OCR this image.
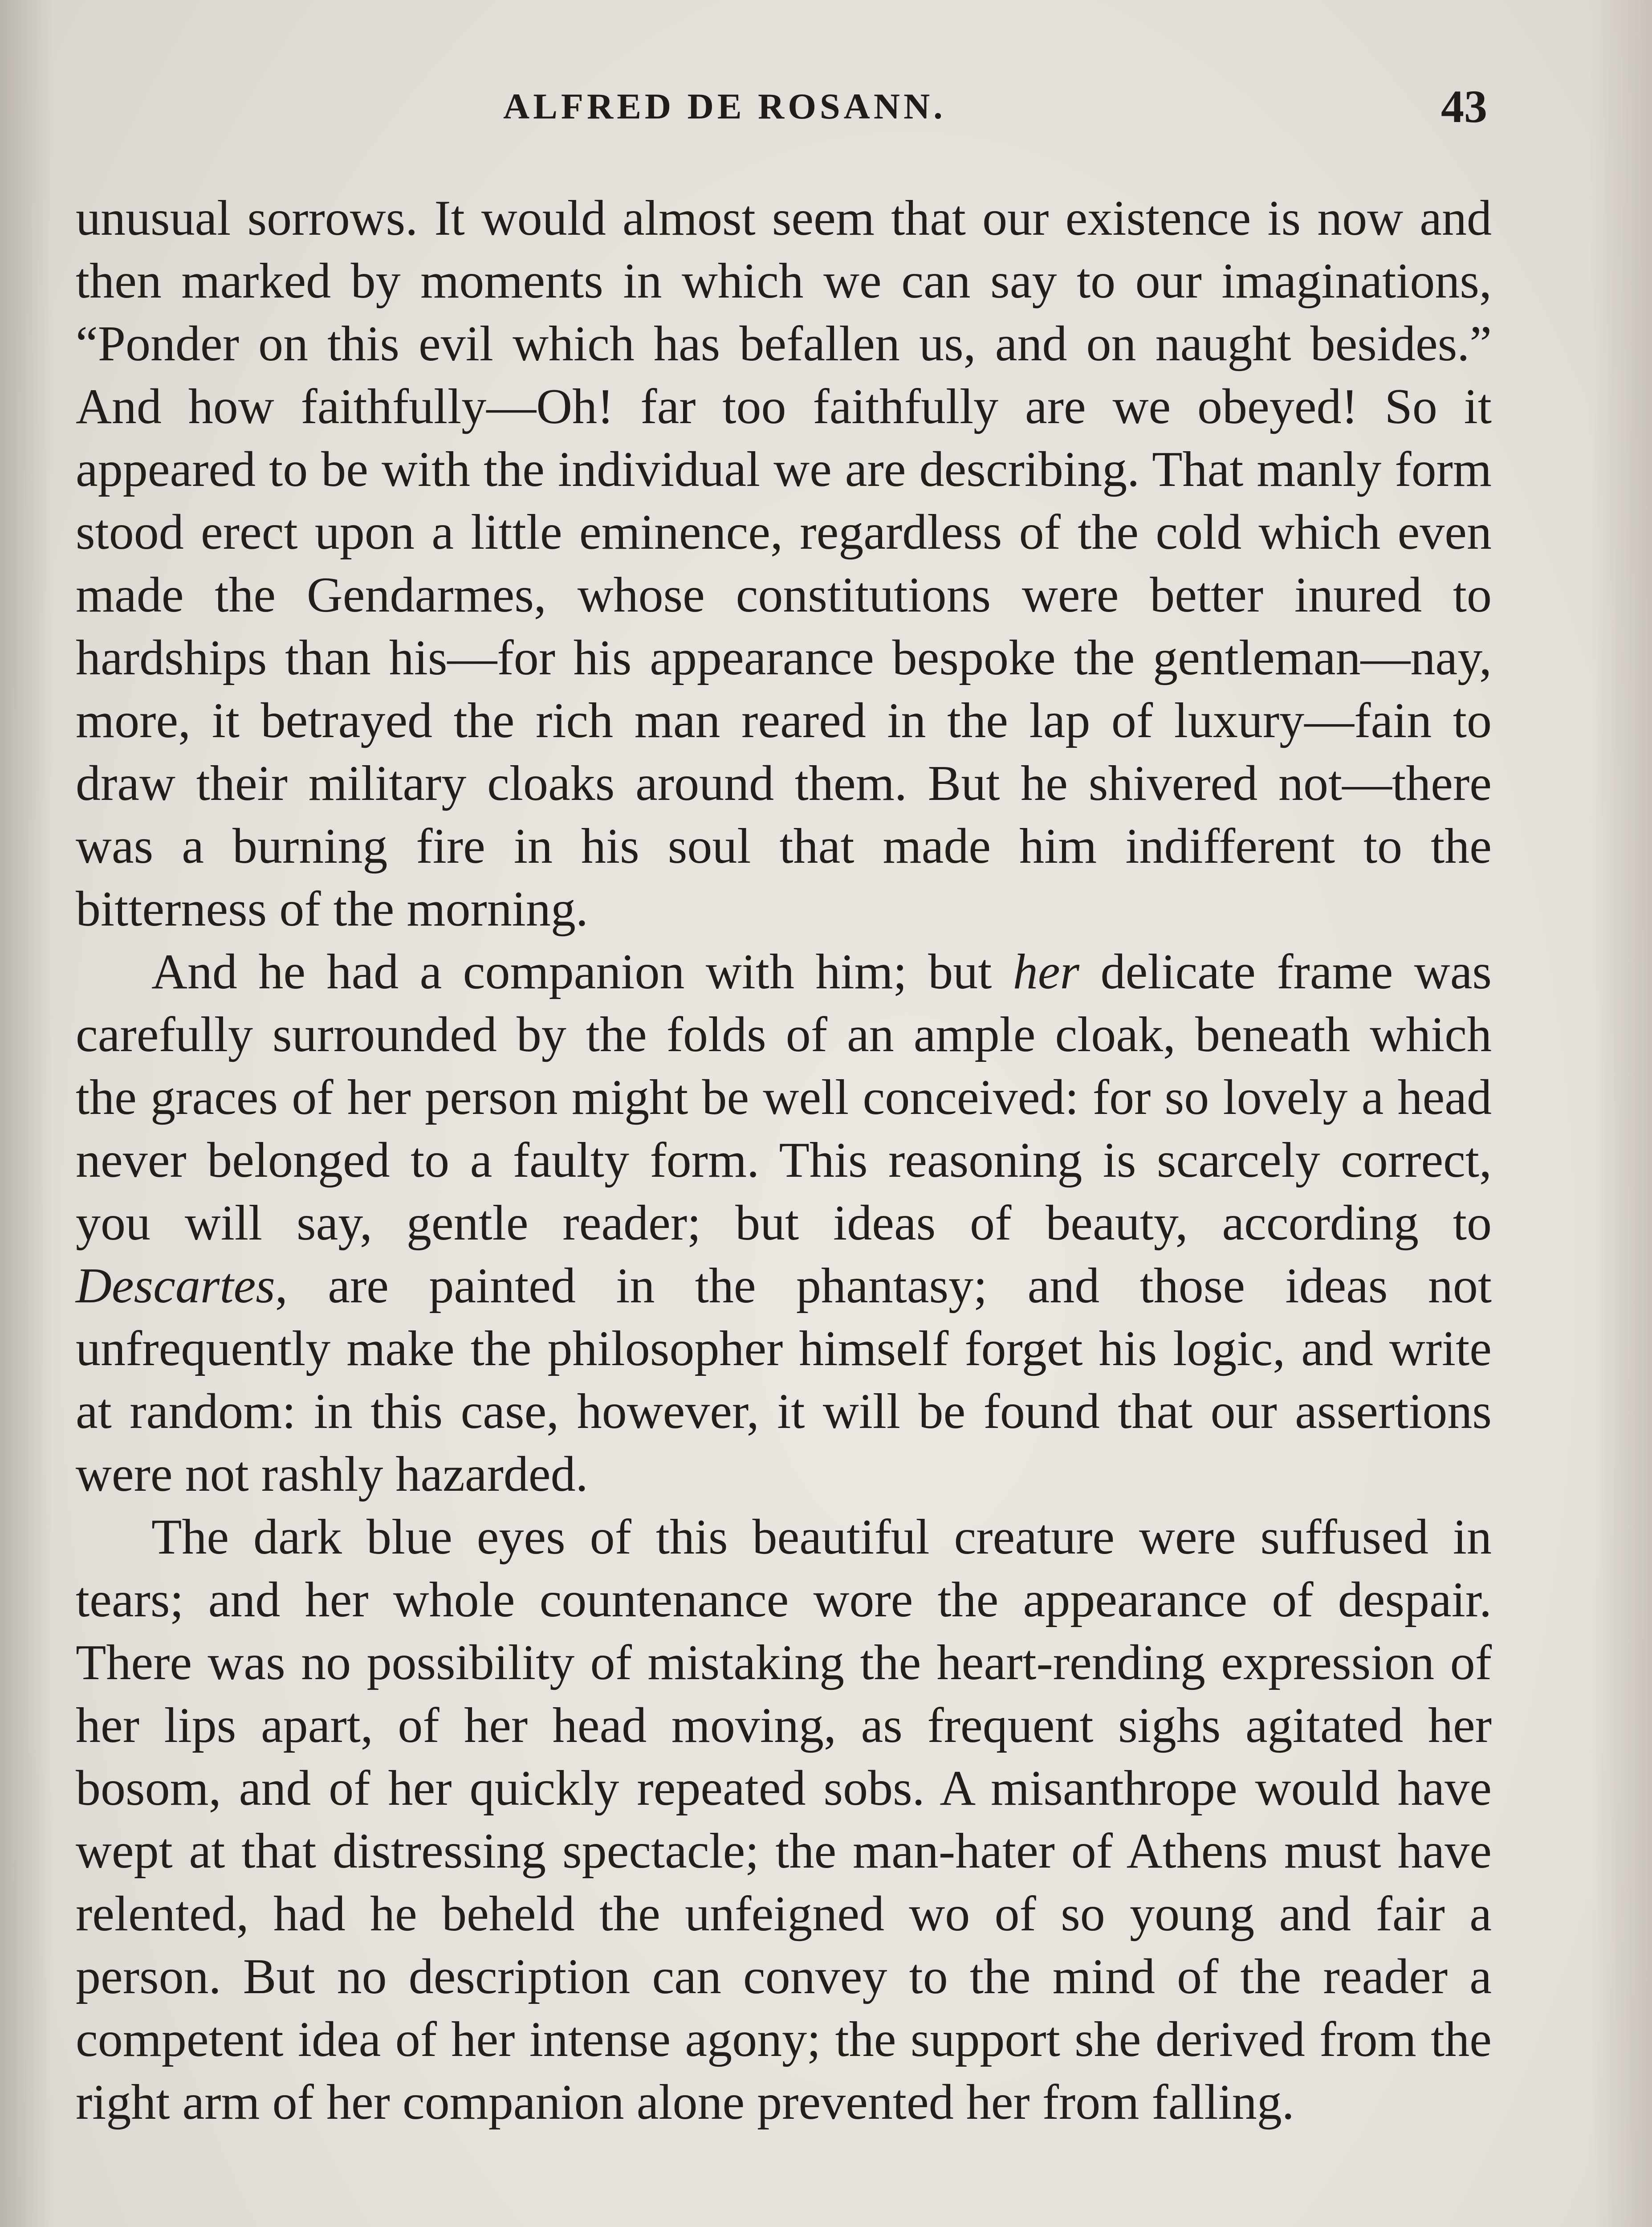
ALFRED DE ROSANN.	43

unusual sorrows. It would almost seem that our existence is now and then marked by moments in which we can say to our imaginations, “Ponder on this evil which has befallen us, and on naught besides.” And how faithfully—Oh! far too faithfully are we obeyed! So it appeared to be with the individual we are describing. That manly form stood erect upon a little eminence, regardless of the cold which even made the Gendarmes, whose constitutions were better inured to hardships than his—for his appearance bespoke the gentleman—nay, more, it betrayed the rich man reared in the lap of luxury—fain to draw their military cloaks around them. But he shivered not—there was a burning fire in his soul that made him indifferent to the bitterness of the morning.

And he had a companion with him; but her delicate frame was carefully surrounded by the folds of an ample cloak, beneath which the graces of her person might be well conceived: for so lovely a head never belonged to a faulty form. This reasoning is scarcely correct, you will say, gentle reader; but ideas of beauty, according to Descartes, are painted in the phantasy; and those ideas not unfrequently make the philosopher himself forget his logic, and write at random: in this case, however, it will be found that our assertions were not rashly hazarded.

The dark blue eyes of this beautiful creature were suffused in tears; and her whole countenance wore the appearance of despair. There was no possibility of mistaking the heart-rending expression of her lips apart, of her head moving, as frequent sighs agitated her bosom, and of her quickly repeated sobs. A misanthrope would have wept at that distressing spectacle; the man-hater of Athens must have relented, had he beheld the unfeigned wo of so young and fair a person. But no description can convey to the mind of the reader a competent idea of her intense agony; the support she derived from the right arm of her companion alone prevented her from falling.
